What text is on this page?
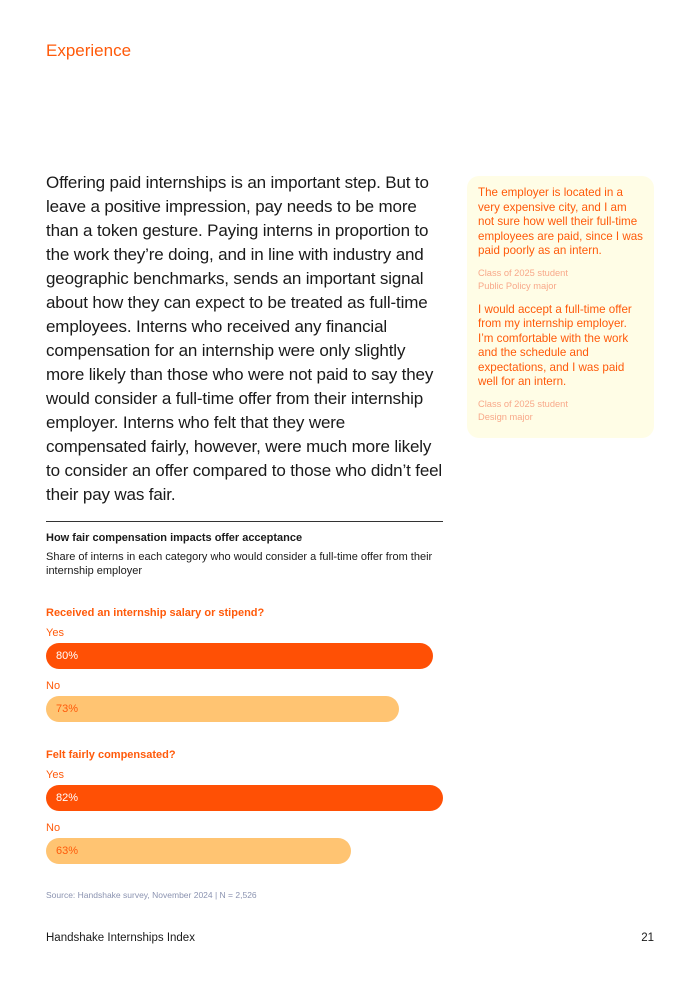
Experience
Offering paid internships is an important step. But to leave a positive impression, pay needs to be more than a token gesture. Paying interns in proportion to the work they’re doing, and in line with industry and geographic benchmarks, sends an important signal about how they can expect to be treated as full-time employees. Interns who received any financial compensation for an internship were only slightly more likely than those who were not paid to say they would consider a full-time offer from their internship employer. Interns who felt that they were compensated fairly, however, were much more likely to consider an offer compared to those who didn’t feel their pay was fair.
How fair compensation impacts offer acceptance
Share of interns in each category who would consider a full-time offer from their internship employer
Received an internship salary or stipend?
Yes
80%
No
73%
Felt fairly compensated?
Yes
82%
No
63%
Source: Handshake survey, November 2024 | N = 2,526
The employer is located in a very expensive city, and I am not sure how well their full-time employees are paid, since I was paid poorly as an intern.
Class of 2025 student
Public Policy major
I would accept a full-time offer from my internship employer. I’m comfortable with the work and the schedule and expectations, and I was paid well for an intern.
Class of 2025 student
Design major
Handshake Internships Index	21
